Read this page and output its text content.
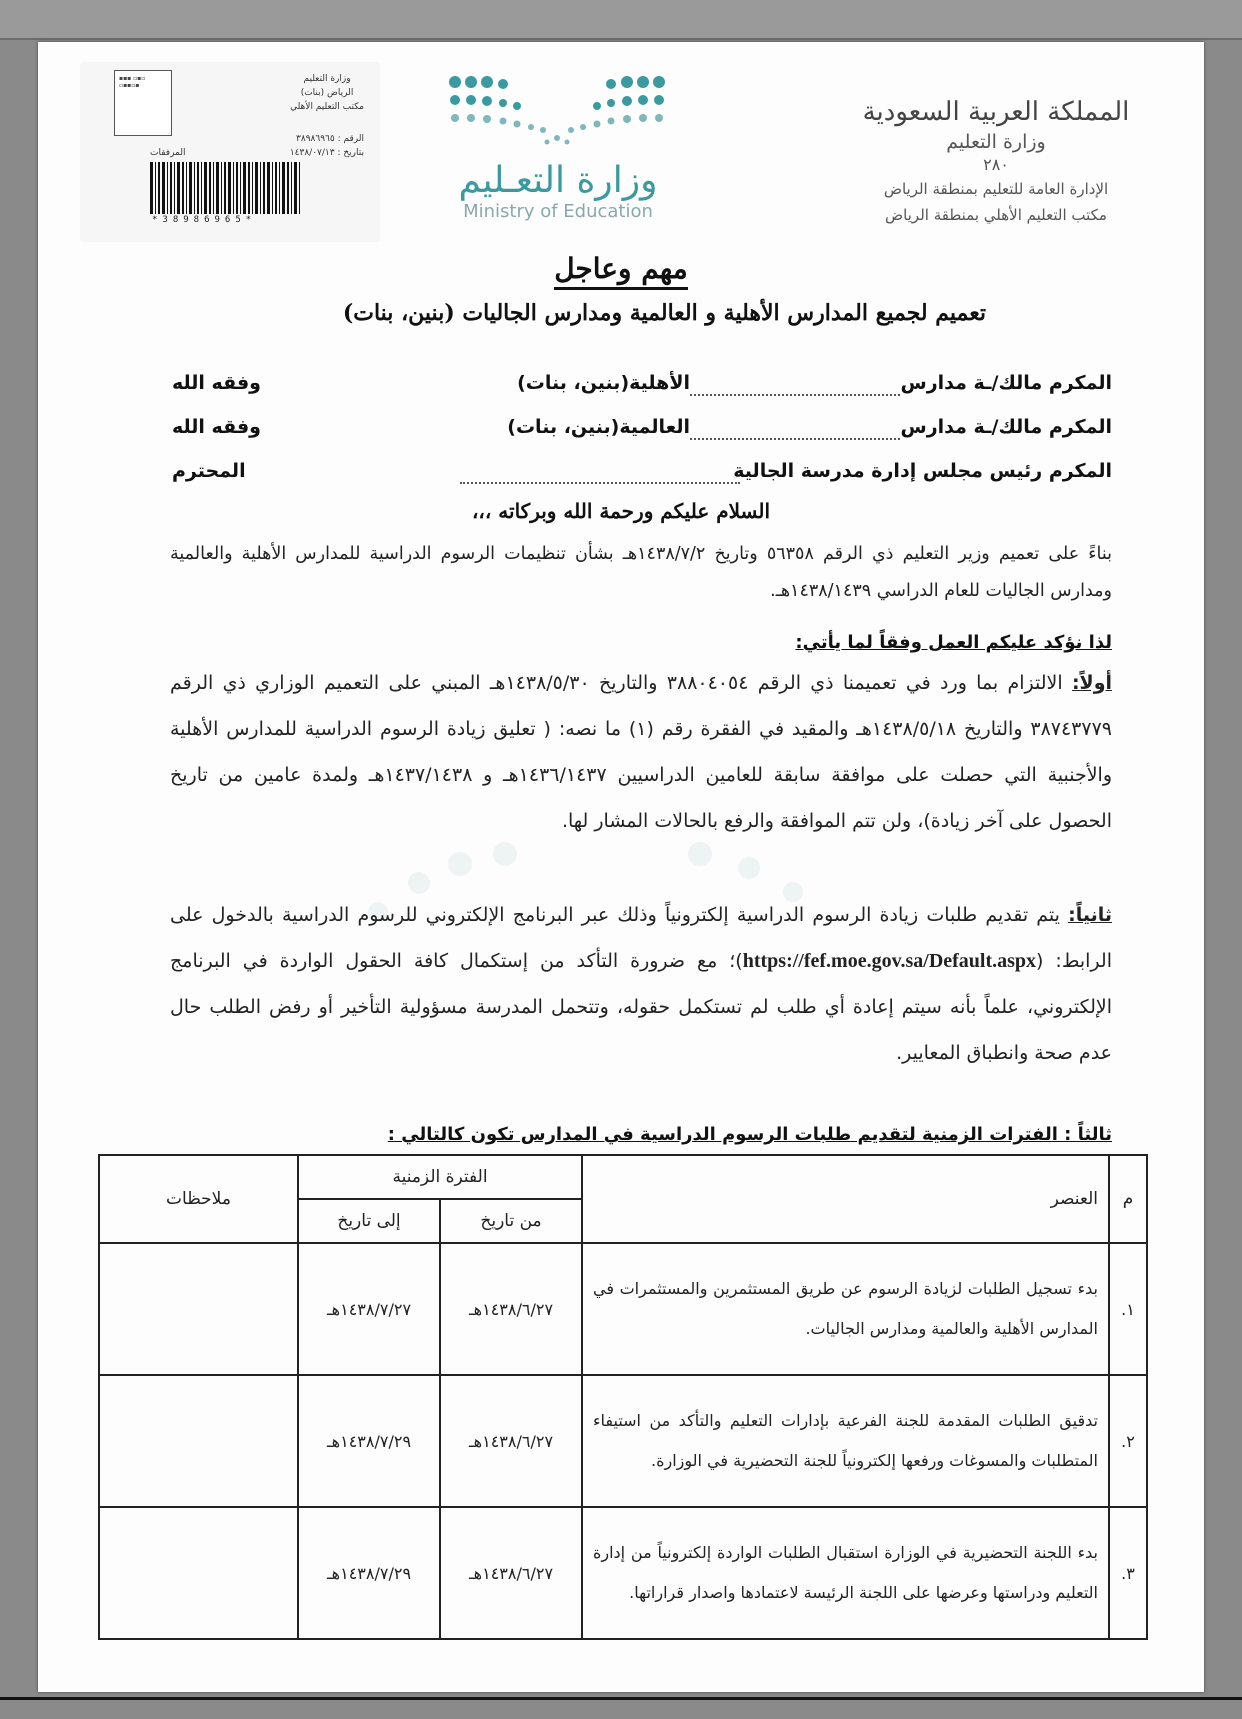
المملكة العربية السعودية
وزارة التعليم
٢٨٠
الإدارة العامة للتعليم بمنطقة الرياض
مكتب التعليم الأهلي بمنطقة الرياض
وزارة التعـليم
Ministry of Education
▪▪▪ ▫▪▫
▫▪▪▫▪
وزارة التعليم
الرياض (بنات)
مكتب التعليم الأهلي
الرقم : ٣٨٩٨٦٩٦٥
بتاريخ : ١٤٣٨/٠٧/١٣
المرفقات
*38986965*
مهم وعاجل
تعميم لجميع المدارس الأهلية و العالمية ومدارس الجاليات (بنين، بنات)
المكرم مالك/ـة مدارس
الأهلية(بنين، بنات)
وفقه الله
المكرم مالك/ـة مدارس
العالمية(بنين، بنات)
وفقه الله
المكرم رئيس مجلس إدارة مدرسة الجالية
المحترم
السلام عليكم ورحمة الله وبركاته ،،،
بناءً على تعميم وزير التعليم ذي الرقم ٥٦٣٥٨ وتاريخ ١٤٣٨/٧/٢هـ بشأن تنظيمات الرسوم الدراسية للمدارس الأهلية والعالمية ومدارس الجاليات للعام الدراسي ١٤٣٨/١٤٣٩هـ.
لذا نؤكد عليكم العمل وفقاً لما يأتي:
أولاً: الالتزام بما ورد في تعميمنا ذي الرقم ٣٨٨٠٤٠٥٤ والتاريخ ١٤٣٨/٥/٣٠هـ المبني على التعميم الوزاري ذي الرقم ٣٨٧٤٣٧٧٩ والتاريخ ١٤٣٨/٥/١٨هـ والمقيد في الفقرة رقم (١) ما نصه: ( تعليق زيادة الرسوم الدراسية للمدارس الأهلية والأجنبية التي حصلت على موافقة سابقة للعامين الدراسيين ١٤٣٦/١٤٣٧هـ و ١٤٣٧/١٤٣٨هـ ولمدة عامين من تاريخ الحصول على آخر زيادة)، ولن تتم الموافقة والرفع بالحالات المشار لها.
ثانياً: يتم تقديم طلبات زيادة الرسوم الدراسية إلكترونياً وذلك عبر البرنامج الإلكتروني للرسوم الدراسية بالدخول على الرابط: (https://fef.moe.gov.sa/Default.aspx)؛ مع ضرورة التأكد من إستكمال كافة الحقول الواردة في البرنامج الإلكتروني، علماً بأنه سيتم إعادة أي طلب لم تستكمل حقوله، وتتحمل المدرسة مسؤولية التأخير أو رفض الطلب حال عدم صحة وانطباق المعايير.
ثالثاً : الفترات الزمنية لتقديم طلبات الرسوم الدراسية في المدارس تكون كالتالي :
م	العنصر	الفترة الزمنية		ملاحظات
		من تاريخ	إلى تاريخ	
١.	بدء تسجيل الطلبات لزيادة الرسوم عن طريق المستثمرين والمستثمرات في المدارس الأهلية والعالمية ومدارس الجاليات.	١٤٣٨/٦/٢٧هـ	١٤٣٨/٧/٢٧هـ	
٢.	تدقيق الطلبات المقدمة للجنة الفرعية بإدارات التعليم والتأكد من استيفاء المتطلبات والمسوغات ورفعها إلكترونياً للجنة التحضيرية في الوزارة.	١٤٣٨/٦/٢٧هـ	١٤٣٨/٧/٢٩هـ	
٣.	بدء اللجنة التحضيرية في الوزارة استقبال الطلبات الواردة إلكترونياً من إدارة التعليم ودراستها وعرضها على اللجنة الرئيسة لاعتمادها واصدار قراراتها.	١٤٣٨/٦/٢٧هـ	١٤٣٨/٧/٢٩هـ	
